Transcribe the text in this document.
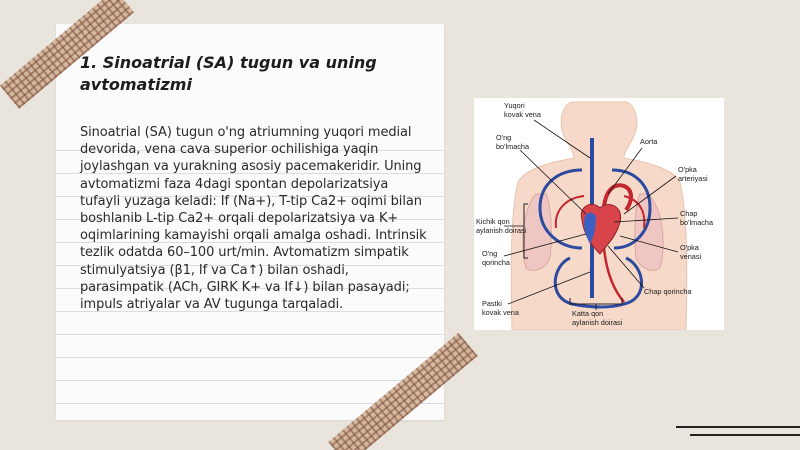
1. Sinoatrial (SA) tugun va uning avtomatizmi

Sinoatrial (SA) tugun o'ng atriumning yuqori medial devorida, vena cava superior ochilishiga yaqin joylashgan va yurakning asosiy pacemakeridir. Uning avtomatizmi faza 4dagi spontan depolarizatsiya tufayli yuzaga keladi: If (Na+), T-tip Ca2+ oqimi bilan boshlanib L-tip Ca2+ orqali depolarizatsiya va K+ oqimlarining kamayishi orqali amalga oshadi. Intrinsik tezlik odatda 60–100 urt/min. Avtomatizm simpatik stimulyatsiya (β1, If va Ca↑) bilan oshadi, parasimpatik (ACh, GIRK K+ va If↓) bilan pasayadi; impuls atriyalar va AV tugunga tarqaladi.

Yuqori
kovak vena
O'ng
bo'lmacha
Aorta
O'pka
arteriyasi
Kichik qon
aylanish doirasi
Chap
bo'lmacha
O'pka
venasi
O'ng
qorincha
Chap qorincha
Pastki
kovak vena	Katta qon
aylanish doirasi
